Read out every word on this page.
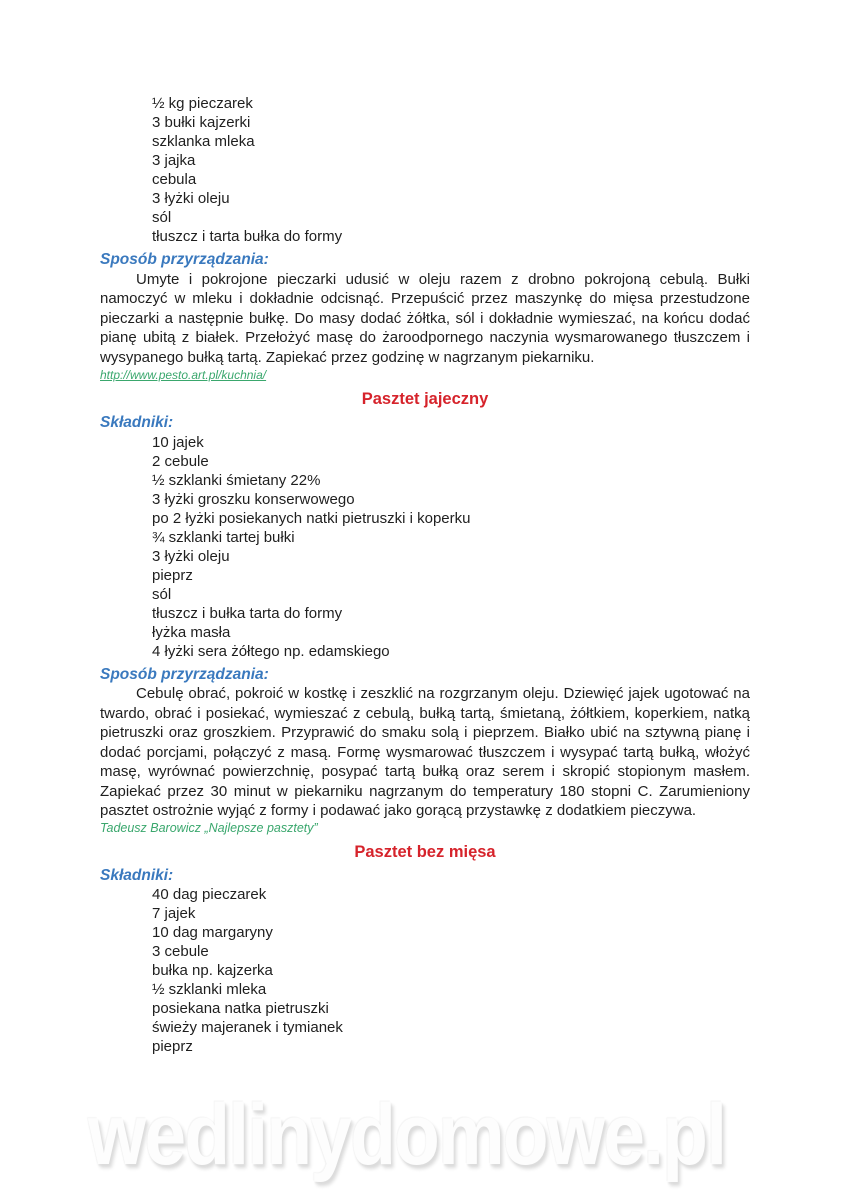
½ kg pieczarek
3 bułki kajzerki
szklanka mleka
3 jajka
cebula
3 łyżki oleju
sól
tłuszcz i tarta bułka do formy
Sposób przyrządzania:

Umyte i pokrojone pieczarki udusić w oleju razem z drobno pokrojoną cebulą. Bułki namoczyć w mleku i dokładnie odcisnąć. Przepuścić przez maszynkę do mięsa przestudzone pieczarki a następnie bułkę. Do masy dodać żółtka, sól i dokładnie wymieszać, na końcu dodać pianę ubitą z białek. Przełożyć masę do żaroodpornego naczynia wysmarowanego tłuszczem i wysypanego bułką tartą. Zapiekać przez godzinę w nagrzanym piekarniku.

http://www.pesto.art.pl/kuchnia/
Pasztet jajeczny
Składniki:
10 jajek
2 cebule
½ szklanki śmietany 22%
3 łyżki groszku konserwowego
po 2 łyżki posiekanych natki pietruszki i koperku
¾ szklanki tartej bułki
3 łyżki oleju
pieprz
sól
tłuszcz i bułka tarta do formy
łyżka masła
4 łyżki sera żółtego np. edamskiego
Sposób przyrządzania:

Cebulę obrać, pokroić w kostkę i zeszklić na rozgrzanym oleju. Dziewięć jajek ugotować na twardo, obrać i posiekać, wymieszać z cebulą, bułką tartą, śmietaną, żółtkiem, koperkiem, natką pietruszki oraz groszkiem. Przyprawić do smaku solą i pieprzem. Białko ubić na sztywną pianę i dodać porcjami, połączyć z masą. Formę wysmarować tłuszczem i wysypać tartą bułką, włożyć masę, wyrównać powierzchnię, posypać tartą bułką oraz serem i skropić stopionym masłem. Zapiekać przez 30 minut w piekarniku nagrzanym do temperatury 180 stopni C. Zarumieniony pasztet ostrożnie wyjąć z formy i podawać jako gorącą przystawkę z dodatkiem pieczywa.

Tadeusz Barowicz „Najlepsze pasztety”
Pasztet bez mięsa
Składniki:
40 dag pieczarek
7 jajek
10 dag margaryny
3 cebule
bułka np. kajzerka
½ szklanki mleka
posiekana natka pietruszki
świeży majeranek i tymianek
pieprz
wedlinydomowe.pl
